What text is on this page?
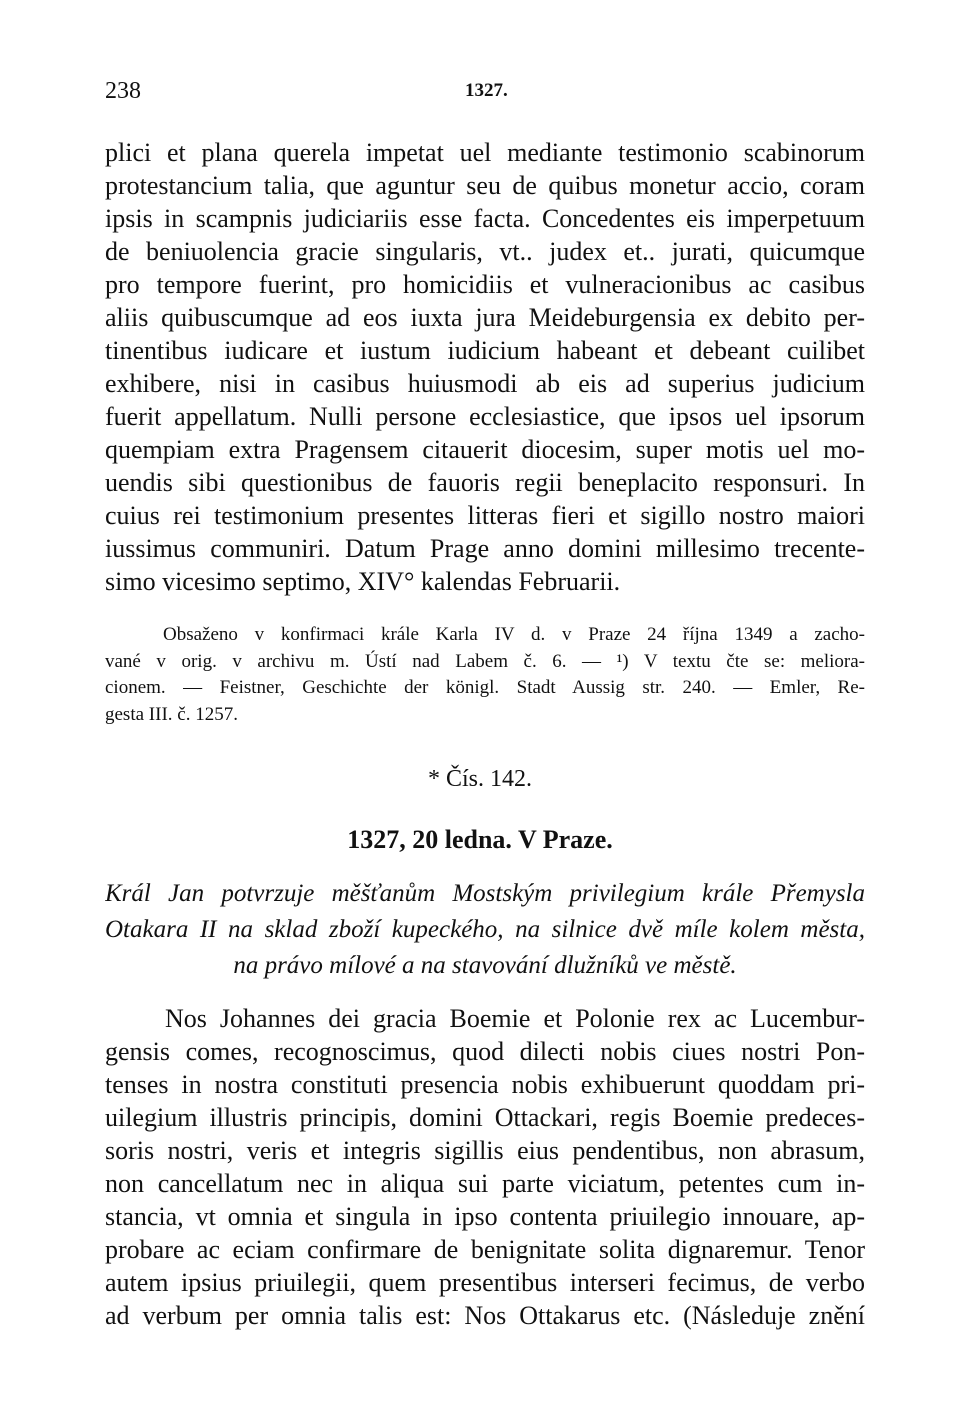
238	1327.
plici et plana querela impetat uel mediante testimonio scabinorum
protestancium talia, que aguntur seu de quibus monetur accio, coram
ipsis in scampnis judiciariis esse facta. Concedentes eis imperpetuum
de beniuolencia gracie singularis, vt.. judex et.. jurati, quicumque
pro tempore fuerint, pro homicidiis et vulneracionibus ac casibus
aliis quibuscumque ad eos iuxta jura Meideburgensia ex debito per-
tinentibus iudicare et iustum iudicium habeant et debeant cuilibet
exhibere, nisi in casibus huiusmodi ab eis ad superius judicium
fuerit appellatum. Nulli persone ecclesiastice, que ipsos uel ipsorum
quempiam extra Pragensem citauerit diocesim, super motis uel mo-
uendis sibi questionibus de fauoris regii beneplacito responsuri. In
cuius rei testimonium presentes litteras fieri et sigillo nostro maiori
iussimus communiri. Datum Prage anno domini millesimo trecente-
simo vicesimo septimo, XIV° kalendas Februarii.
Obsaženo v konfirmaci krále Karla IV d. v Praze 24 října 1349 a zacho-
vané v orig. v archivu m. Ústí nad Labem č. 6. — ¹) V textu čte se: meliora-
cionem. — Feistner, Geschichte der königl. Stadt Aussig str. 240. — Emler, Re-
gesta III. č. 1257.
* Čís. 142.
1327, 20 ledna. V Praze.
Král Jan potvrzuje měšťanům Mostským privilegium krále Přemysla
Otakara II na sklad zboží kupeckého, na silnice dvě míle kolem města,
na právo mílové a na stavování dlužníků ve městě.
Nos Johannes dei gracia Boemie et Polonie rex ac Lucembur-
gensis comes, recognoscimus, quod dilecti nobis ciues nostri Pon-
tenses in nostra constituti presencia nobis exhibuerunt quoddam pri-
uilegium illustris principis, domini Ottackari, regis Boemie predeces-
soris nostri, veris et integris sigillis eius pendentibus, non abrasum,
non cancellatum nec in aliqua sui parte viciatum, petentes cum in-
stancia, vt omnia et singula in ipso contenta priuilegio innouare, ap-
probare ac eciam confirmare de benignitate solita dignaremur. Tenor
autem ipsius priuilegii, quem presentibus interseri fecimus, de verbo
ad verbum per omnia talis est: Nos Ottakarus etc. (Následuje znění
